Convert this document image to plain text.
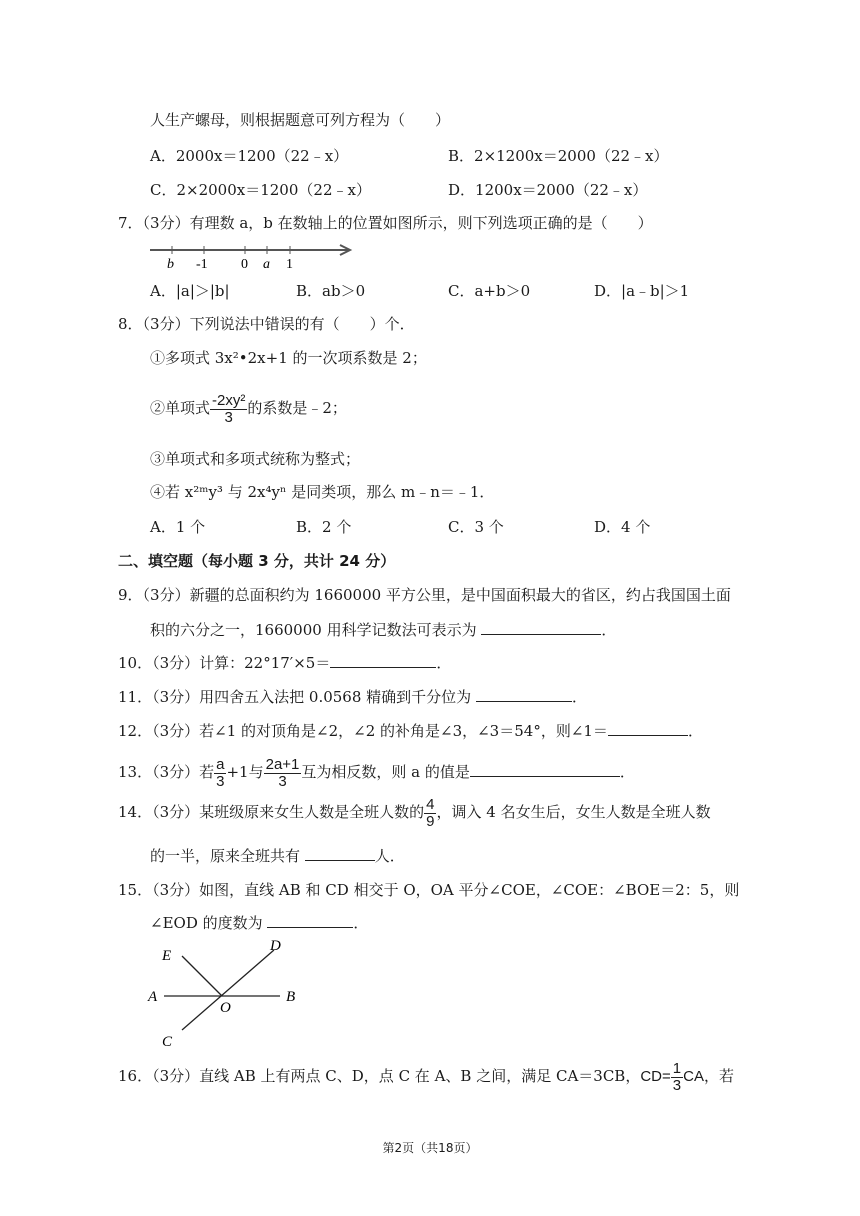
人生产螺母，则根据题意可列方程为（　　）
A．2000x＝1200（22﹣x）	B．2×1200x＝2000（22﹣x）
C．2×2000x＝1200（22﹣x）	D．1200x＝2000（22﹣x）
7．（3分）有理数 a，b 在数轴上的位置如图所示，则下列选项正确的是（　　）
b -1 0 a 1
A．|a|＞|b|	B．ab＞0	C．a+b＞0	D．|a﹣b|＞1
8．（3分）下列说法中错误的有（　　）个．
①多项式 3x²•2x+1 的一次项系数是 2；
②单项式 $\frac{\text{-2xy²}}{3}$ 的系数是﹣2；
③单项式和多项式统称为整式；
④若 x²ᵐy³ 与 2x⁴yⁿ 是同类项，那么 m﹣n＝﹣1．
A．1 个	B．2 个	C．3 个	D．4 个
二、填空题（每小题 3 分，共计 24 分）
9．（3分）新疆的总面积约为 1660000 平方公里，是中国面积最大的省区，约占我国国土面
积的六分之一，1660000 用科学记数法可表示为	．
10．（3分）计算：22°17′×5＝	．
11．（3分）用四舍五入法把 0.0568 精确到千分位为	．
12．（3分）若∠1 的对顶角是∠2，∠2 的补角是∠3，∠3＝54°，则∠1＝	．
13．（3分）若 $\frac{a}{3} +1$与 $\frac{2a+1}{3}$ 互为相反数，则 a 的值是	．
14．（3分）某班级原来女生人数是全班人数的 $\frac{4}{9}$ ，调入 4 名女生后，女生人数是全班人数
的一半，原来全班共有	人．
15．（3分）如图，直线 AB 和 CD 相交于 O，OA 平分∠COE，∠COE：∠BOE＝2：5，则
∠EOD 的度数为	．
E
D
A
O
B
C
16．（3分）直线 AB 上有两点 C、D，点 C 在 A、B 之间，满足 CA＝3CB，$CD= \frac{1}{3}$ CA，若
第2页（共18页）
